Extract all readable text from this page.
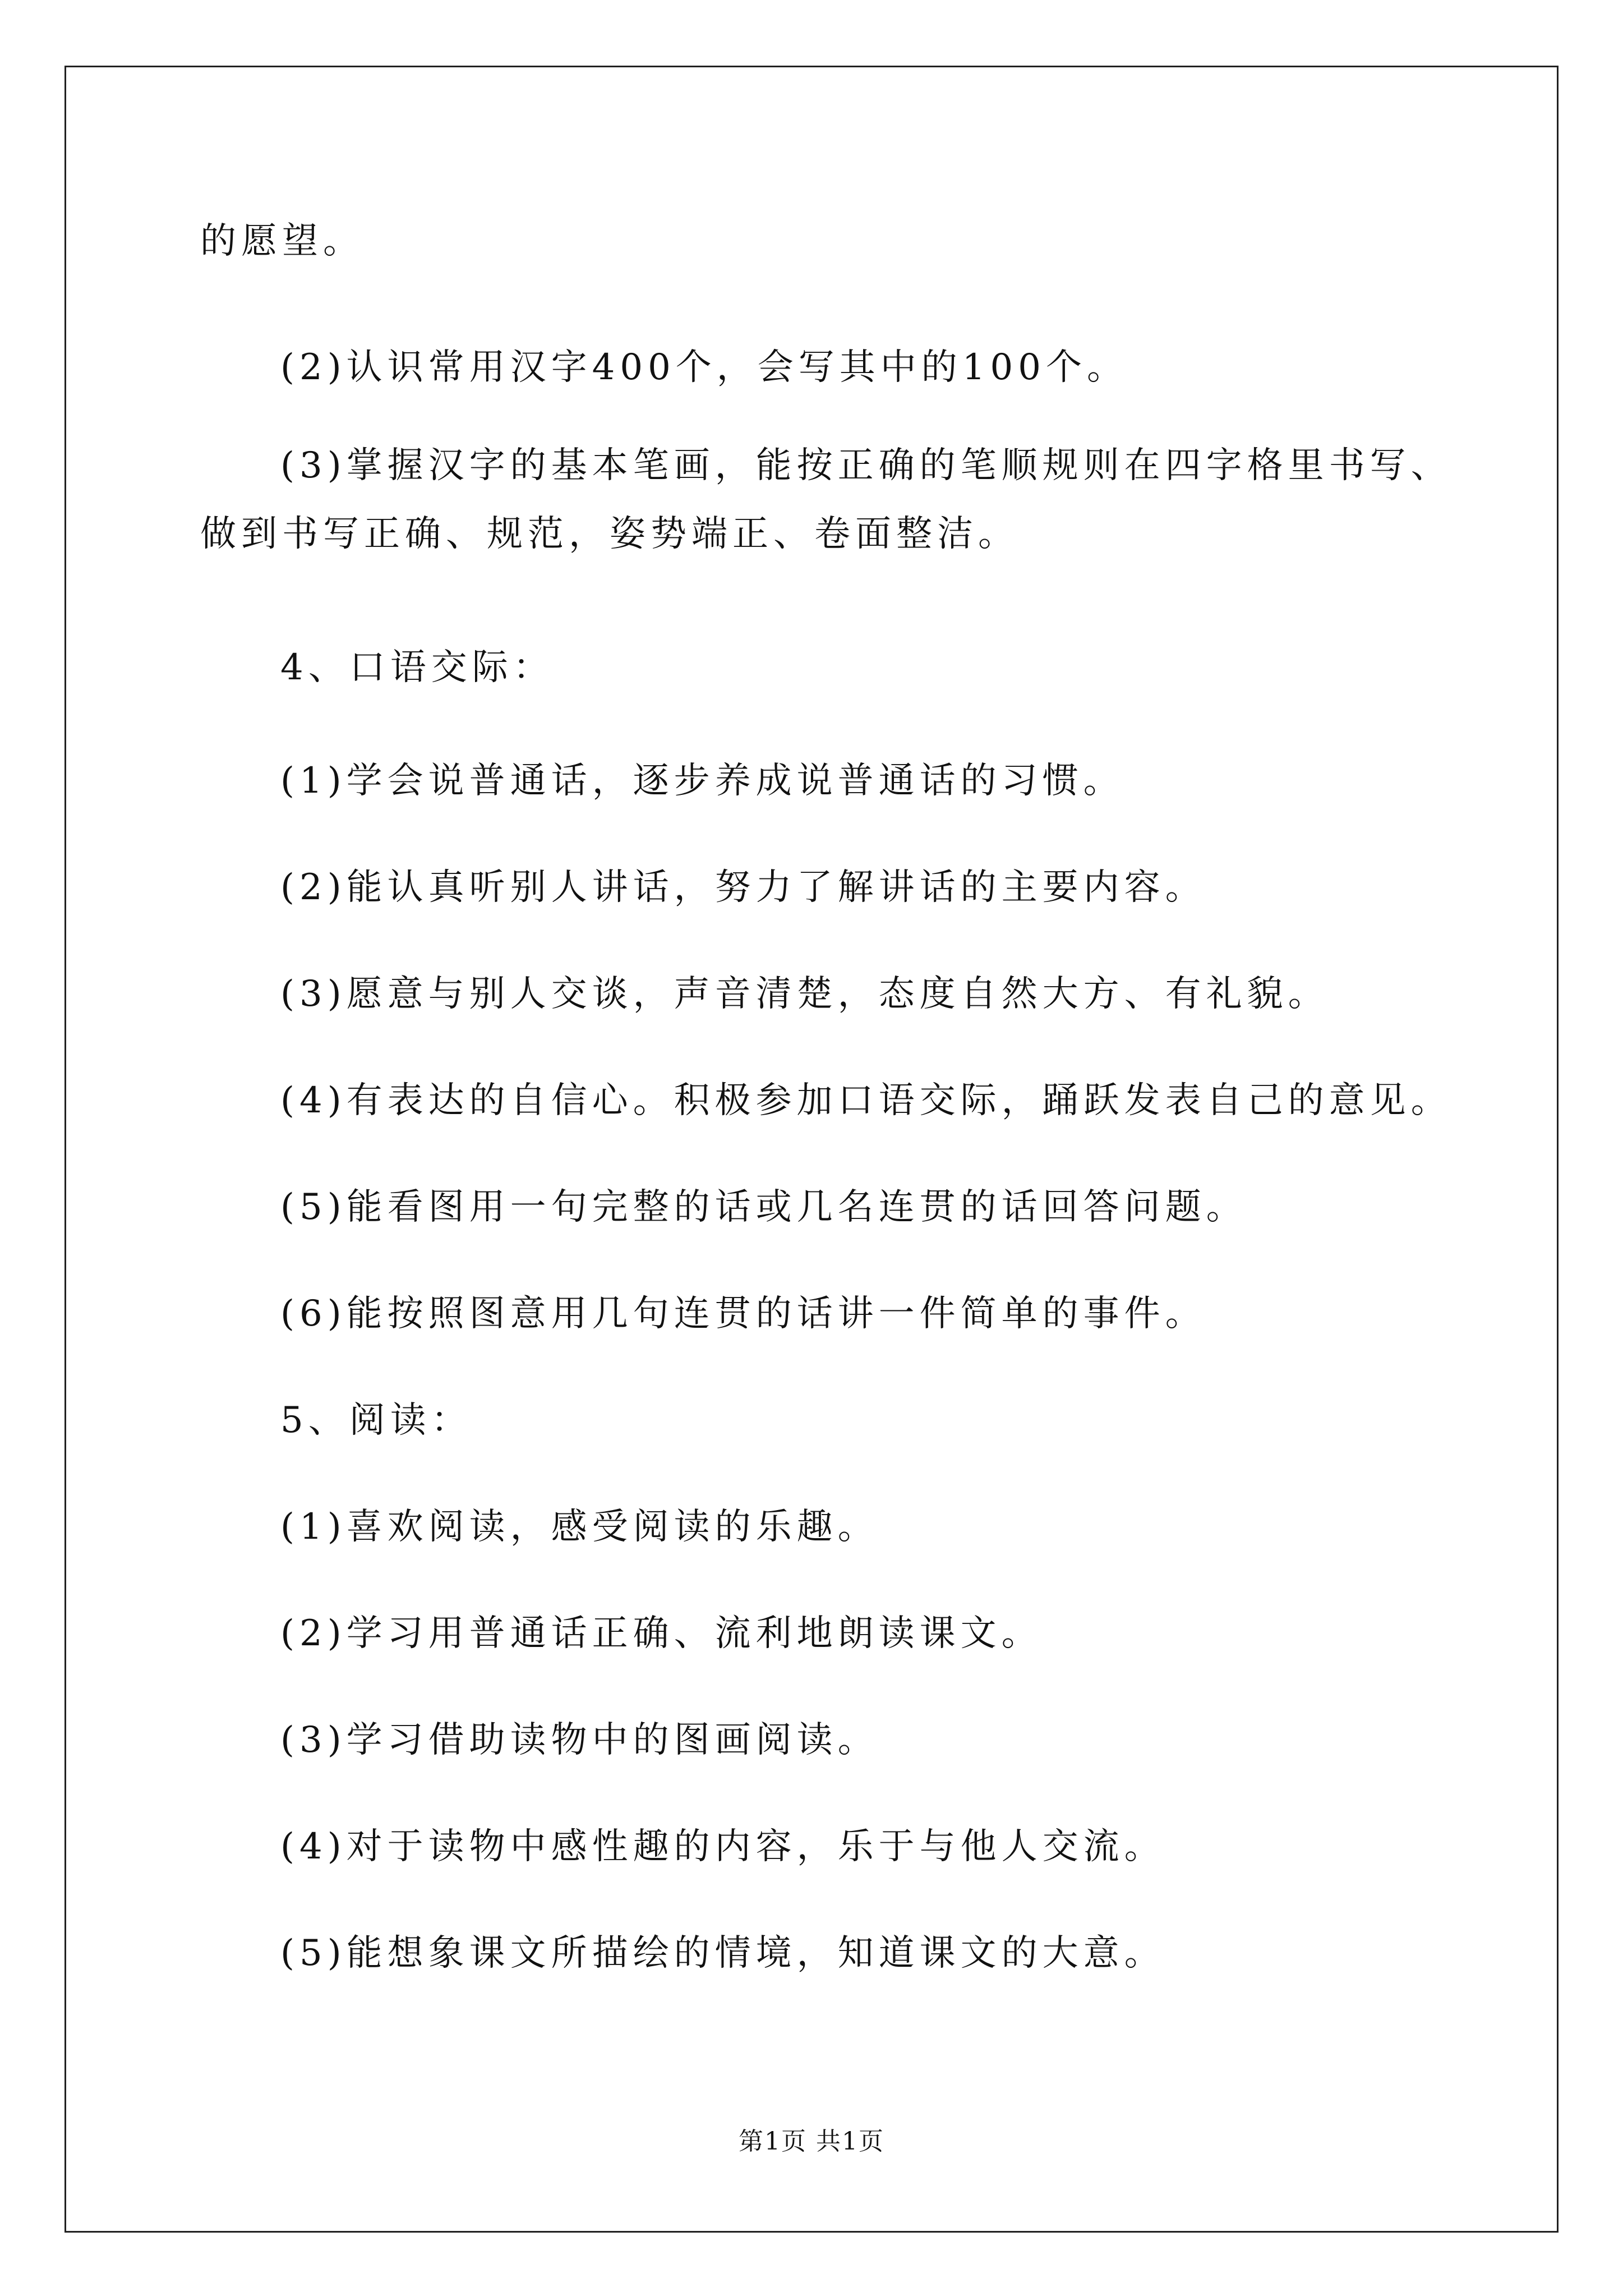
的愿望。
(2)认识常用汉字400个，会写其中的100个。
(3)掌握汉字的基本笔画，能按正确的笔顺规则在四字格里书写、
做到书写正确、规范，姿势端正、卷面整洁。
4、口语交际：
(1)学会说普通话，逐步养成说普通话的习惯。
(2)能认真听别人讲话，努力了解讲话的主要内容。
(3)愿意与别人交谈，声音清楚，态度自然大方、有礼貌。
(4)有表达的自信心。积极参加口语交际，踊跃发表自己的意见。
(5)能看图用一句完整的话或几名连贯的话回答问题。
(6)能按照图意用几句连贯的话讲一件简单的事件。
5、阅读：
(1)喜欢阅读，感受阅读的乐趣。
(2)学习用普通话正确、流利地朗读课文。
(3)学习借助读物中的图画阅读。
(4)对于读物中感性趣的内容，乐于与他人交流。
(5)能想象课文所描绘的情境，知道课文的大意。
第1页 共1页
